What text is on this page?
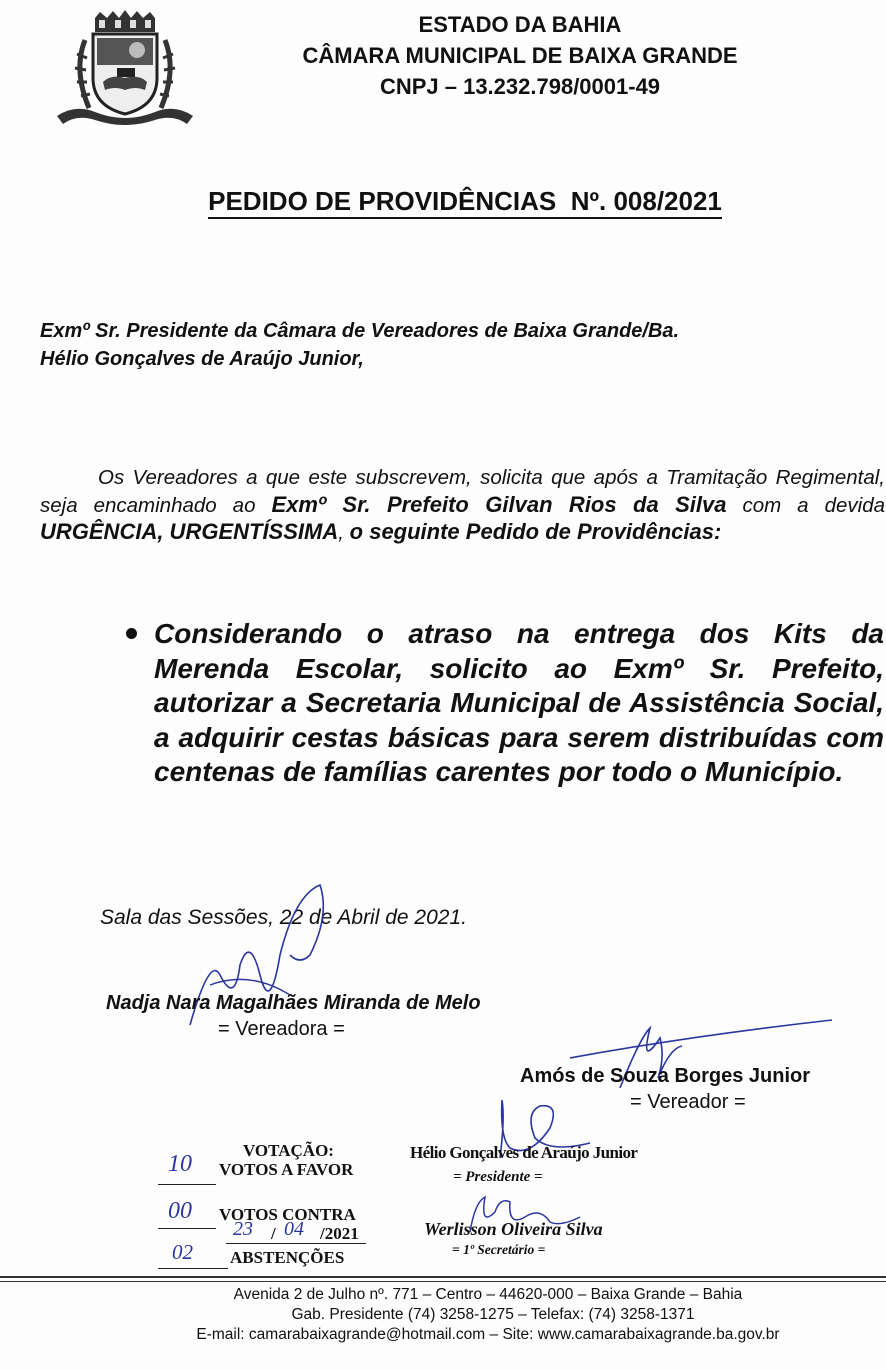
ESTADO DA BAHIA
CÂMARA MUNICIPAL DE BAIXA GRANDE
CNPJ – 13.232.798/0001-49
PEDIDO DE PROVIDÊNCIAS  Nº. 008/2021
Exmº Sr. Presidente da Câmara de Vereadores de Baixa Grande/Ba.
Hélio Gonçalves de Araújo Junior,
Os Vereadores a que este subscrevem, solicita que após a Tramitação Regimental, seja encaminhado ao Exmº Sr. Prefeito Gilvan Rios da Silva com a devida URGÊNCIA, URGENTÍSSIMA, o seguinte Pedido de Providências:
Considerando o atraso na entrega dos Kits da Merenda Escolar, solicito ao Exmº Sr. Prefeito, autorizar a Secretaria Municipal de Assistência Social, a adquirir cestas básicas para serem distribuídas com centenas de famílias carentes por todo o Município.
Sala das Sessões, 22 de Abril de 2021.
Nadja Nara Magalhães Miranda de Melo
= Vereadora =
Amós de Souza Borges Junior
= Vereador =
VOTAÇÃO:
10 VOTOS A FAVOR
00 VOTOS CONTRA
23 / 04 /2021
02 ABSTENÇÕES
Hélio Gonçalves de Araújo Junior
= Presidente =
Werlisson Oliveira Silva
= 1º Secretário =
Avenida 2 de Julho nº. 771 – Centro – 44620-000 – Baixa Grande – Bahia
Gab. Presidente (74) 3258-1275 – Telefax: (74) 3258-1371
E-mail: camarabaixagrande@hotmail.com – Site: www.camarabaixagrande.ba.gov.br
